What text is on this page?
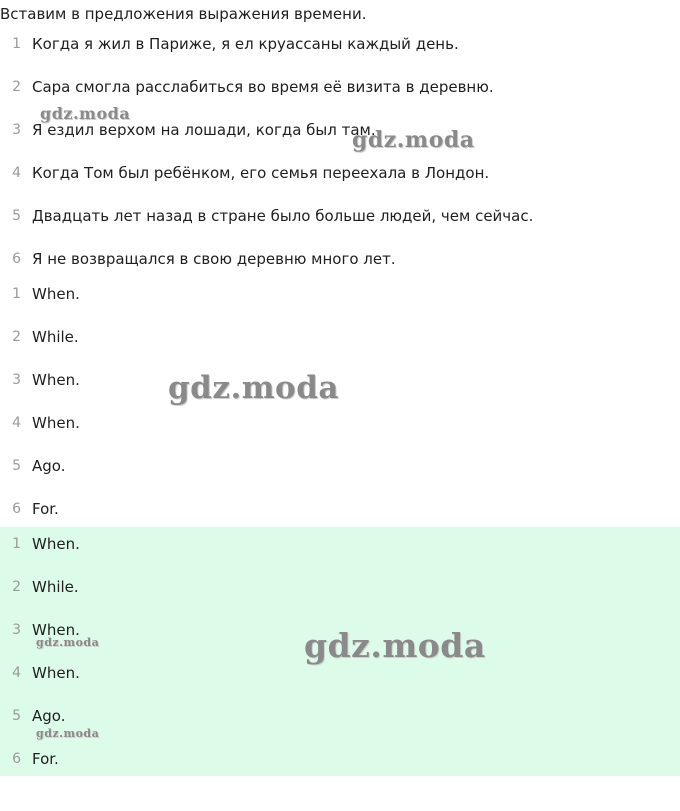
Вставим в предложения выражения времени.
1 Когда я жил в Париже, я ел круассаны каждый день.
2 Сара смогла расслабиться во время её визита в деревню.
3 Я ездил верхом на лошади, когда был там.
4 Когда Том был ребёнком, его семья переехала в Лондон.
5 Двадцать лет назад в стране было больше людей, чем сейчас.
6 Я не возвращался в свою деревню много лет.
1 When.
2 While.
3 When.
4 When.
5 Ago.
6 For.
1 When.
2 While.
3 When.
4 When.
5 Ago.
6 For.
gdz.moda
gdz.moda
gdz.moda
gdz.moda
gdz.moda
gdz.moda
